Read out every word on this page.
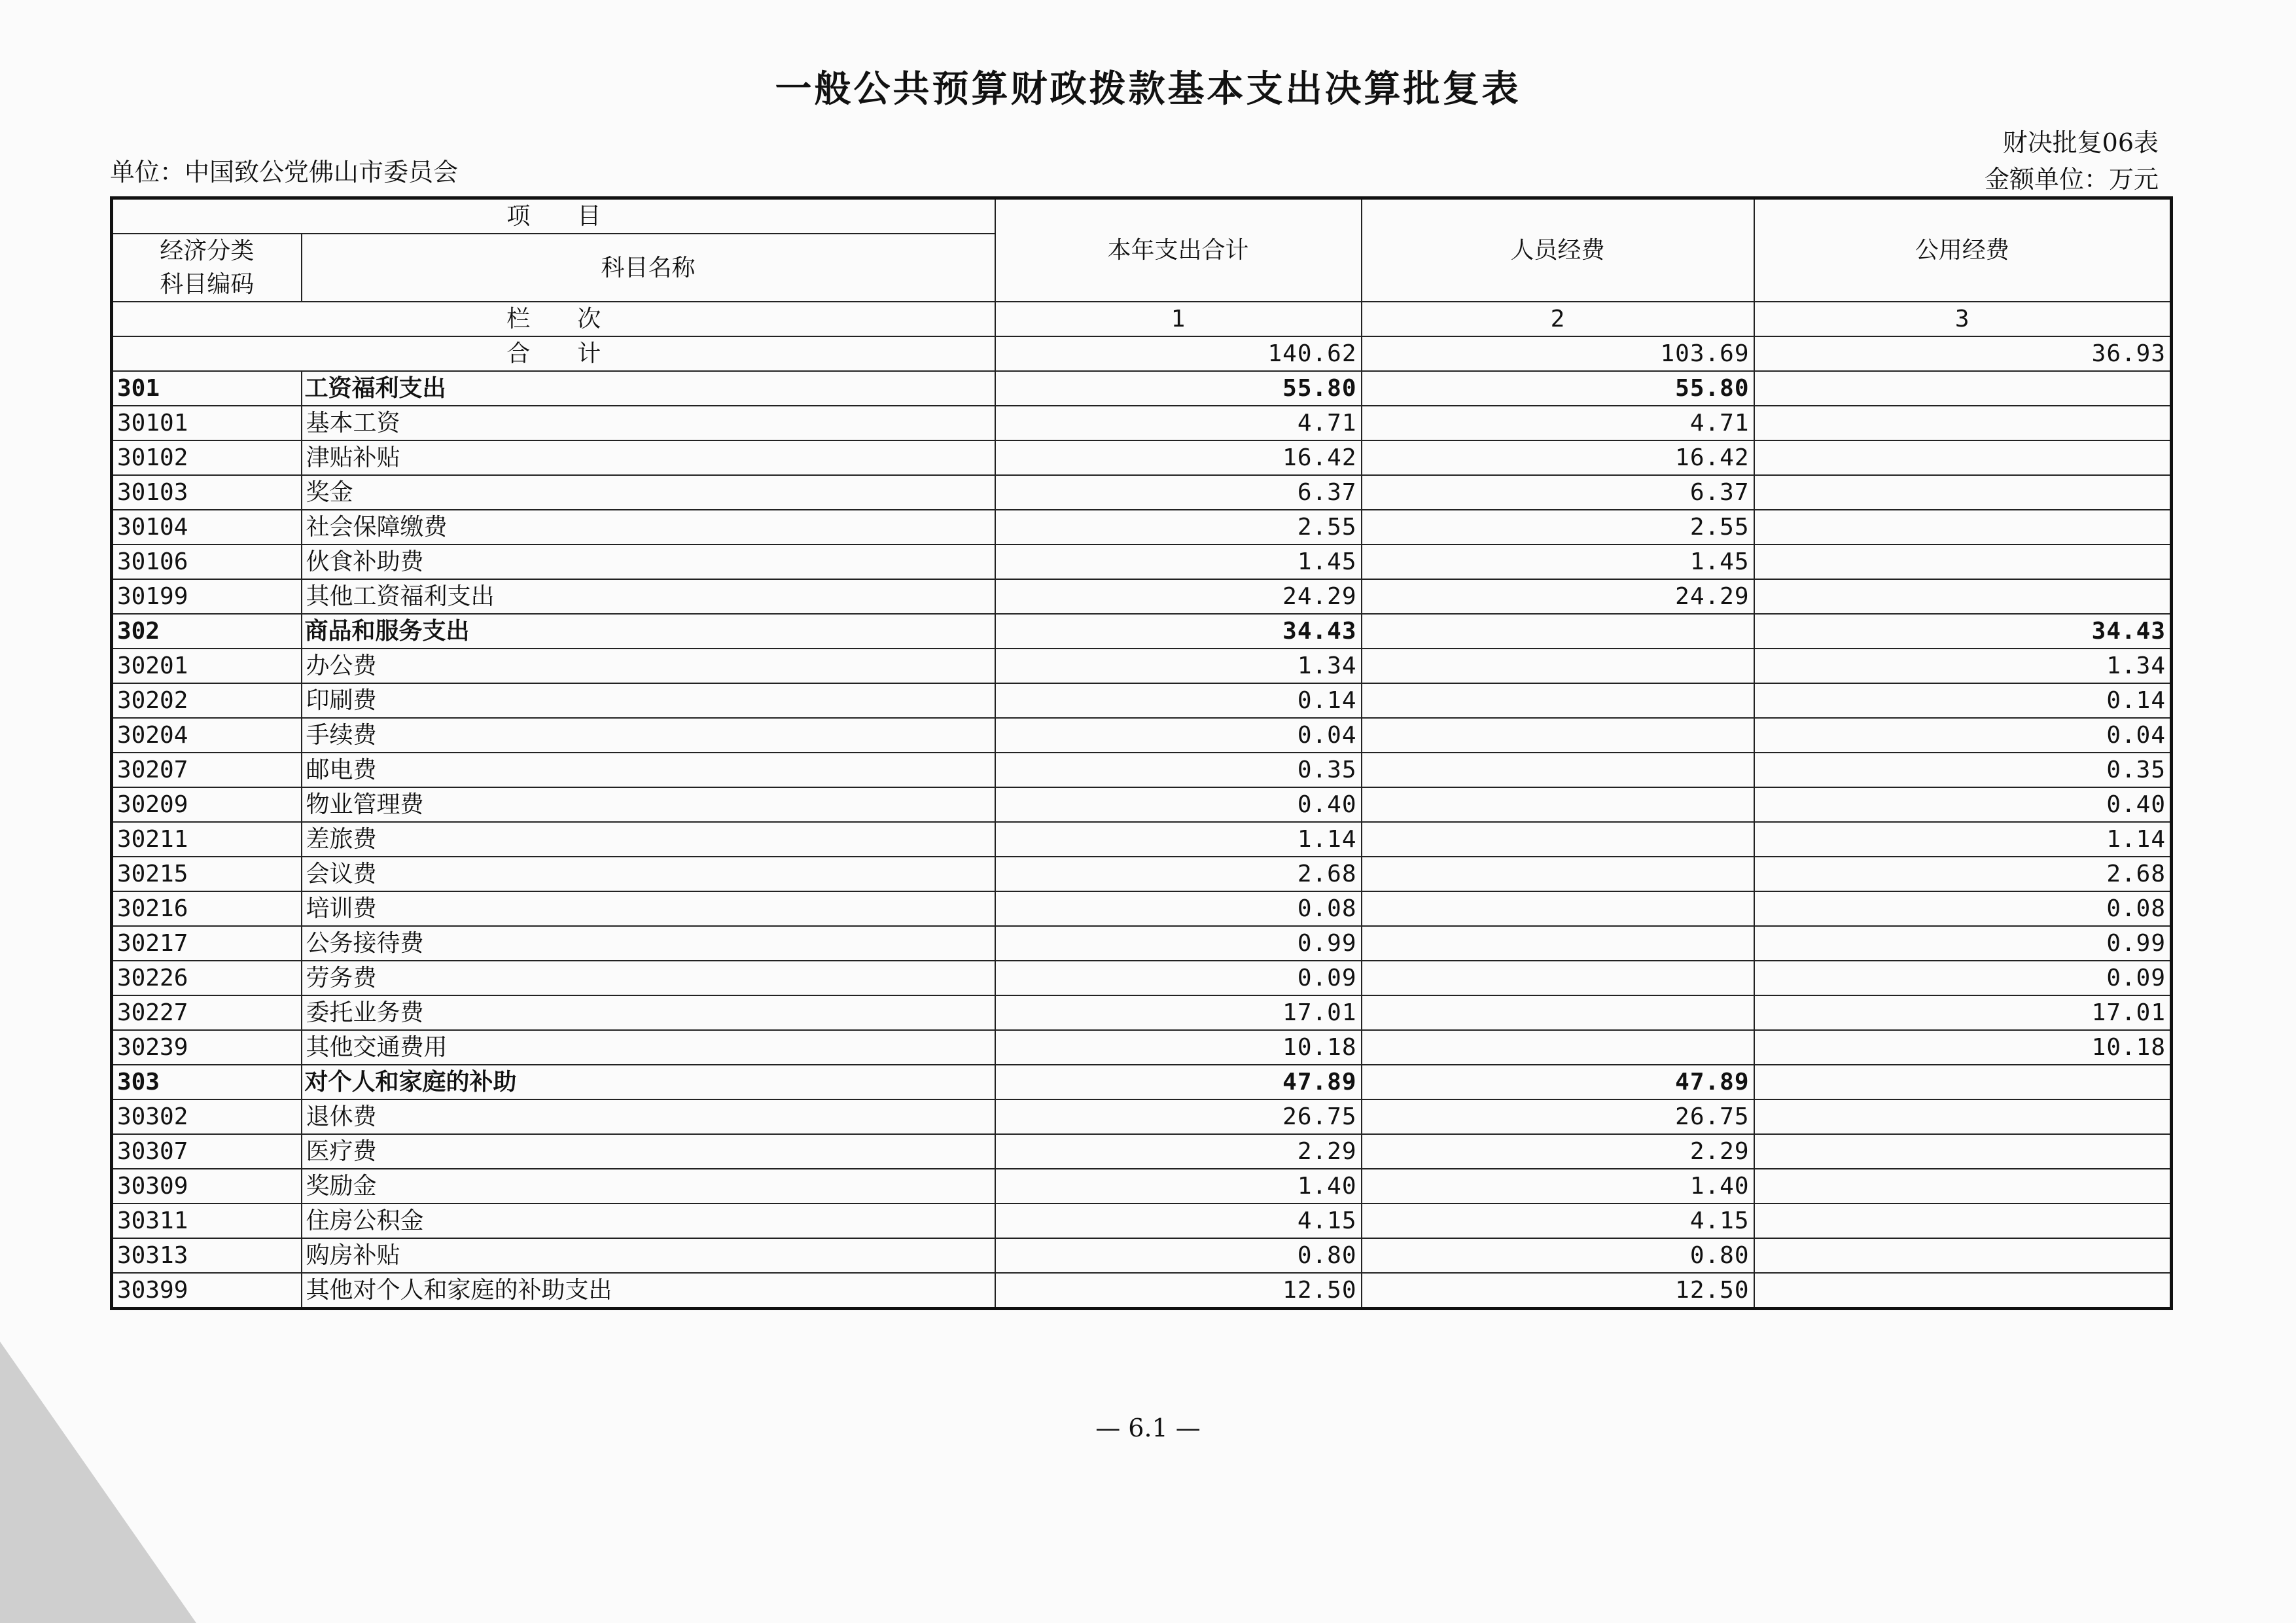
一般公共预算财政拨款基本支出决算批复表
单位：中国致公党佛山市委员会
财决批复06表
金额单位：万元
项　　目		本年支出合计	人员经费	公用经费

经济分类
科目编码	科目名称			
栏　　次		1	2	3
合　　计		140.62	103.69	36.93
301	工资福利支出	55.80	55.80	
30101	基本工资	4.71	4.71	
30102	津贴补贴	16.42	16.42	
30103	奖金	6.37	6.37	
30104	社会保障缴费	2.55	2.55	
30106	伙食补助费	1.45	1.45	
30199	其他工资福利支出	24.29	24.29	
302	商品和服务支出	34.43		34.43
30201	办公费	1.34		1.34
30202	印刷费	0.14		0.14
30204	手续费	0.04		0.04
30207	邮电费	0.35		0.35
30209	物业管理费	0.40		0.40
30211	差旅费	1.14		1.14
30215	会议费	2.68		2.68
30216	培训费	0.08		0.08
30217	公务接待费	0.99		0.99
30226	劳务费	0.09		0.09
30227	委托业务费	17.01		17.01
30239	其他交通费用	10.18		10.18
303	对个人和家庭的补助	47.89	47.89	
30302	退休费	26.75	26.75	
30307	医疗费	2.29	2.29	
30309	奖励金	1.40	1.40	
30311	住房公积金	4.15	4.15	
30313	购房补贴	0.80	0.80	
30399	其他对个人和家庭的补助支出	12.50	12.50	
— 6.1 —
